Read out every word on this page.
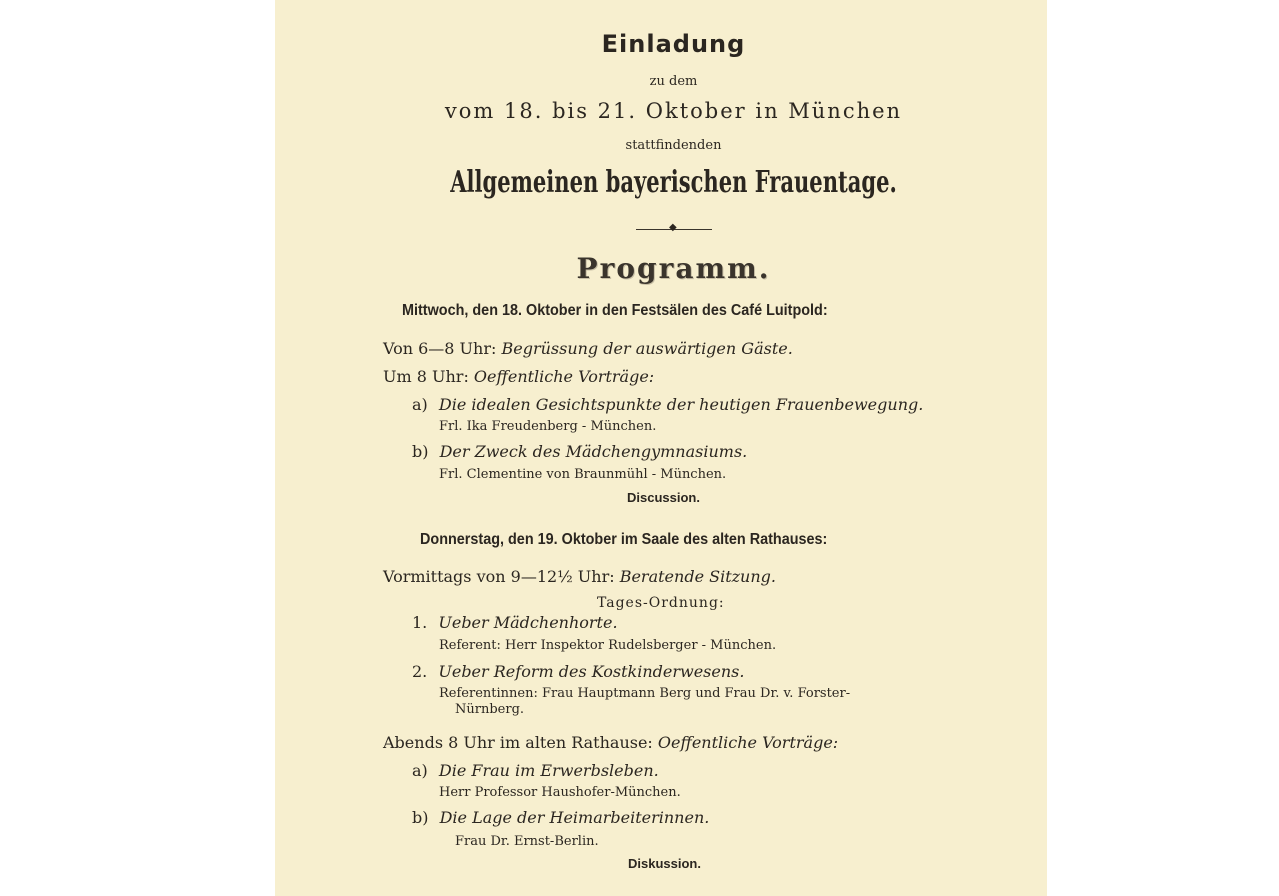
Einladung
zu dem
vom 18. bis 21. Oktober in München
stattfindenden
Allgemeinen bayerischen Frauentage.
◆
Programm.
Mittwoch, den 18. Oktober in den Festsälen des Café Luitpold:
Von 6—8 Uhr: Begrüssung der auswärtigen Gäste.
Um 8 Uhr: Oeffentliche Vorträge:
a) Die idealen Gesichtspunkte der heutigen Frauenbewegung.
Frl. Ika Freudenberg - München.
b) Der Zweck des Mädchengymnasiums.
Frl. Clementine von Braunmühl - München.
Discussion.
Donnerstag, den 19. Oktober im Saale des alten Rathauses:
Vormittags von 9—12½ Uhr: Beratende Sitzung.
Tages-Ordnung:
1. Ueber Mädchenhorte.
Referent: Herr Inspektor Rudelsberger - München.
2. Ueber Reform des Kostkinderwesens.
Referentinnen: Frau Hauptmann Berg und Frau Dr. v. Forster-
Nürnberg.
Abends 8 Uhr im alten Rathause: Oeffentliche Vorträge:
a) Die Frau im Erwerbsleben.
Herr Professor Haushofer-München.
b) Die Lage der Heimarbeiterinnen.
Frau Dr. Ernst-Berlin.
Diskussion.
